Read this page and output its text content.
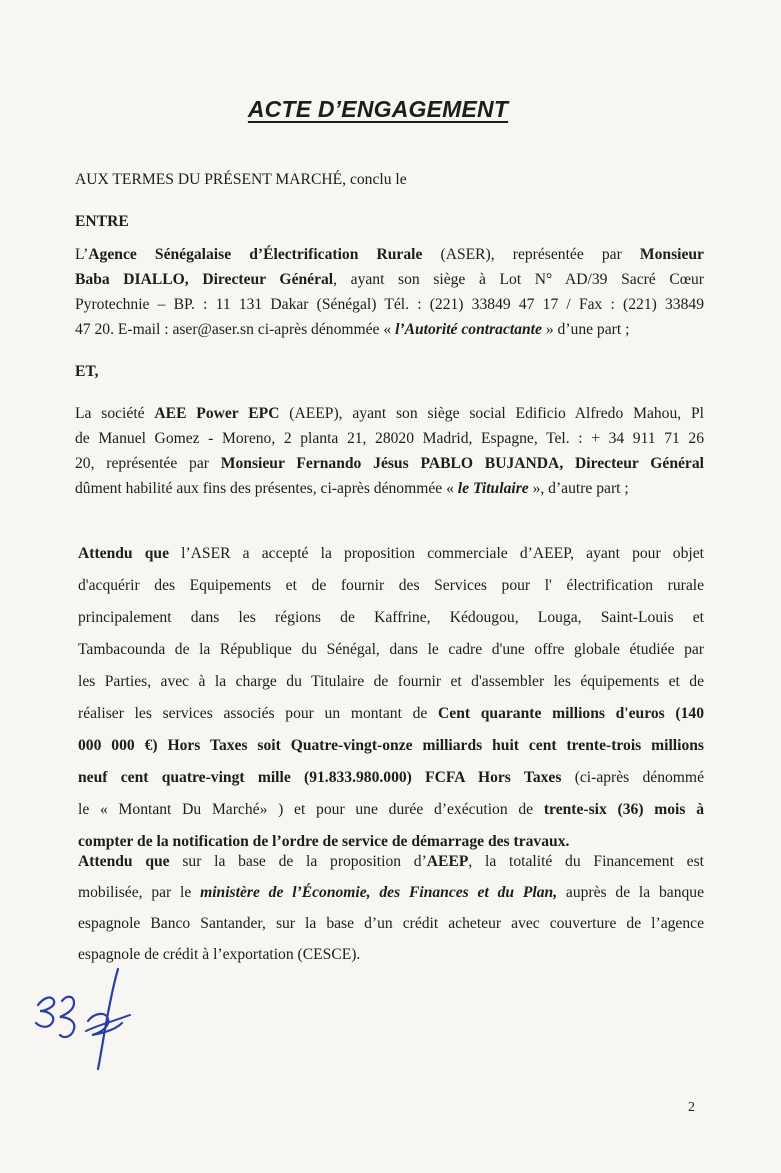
ACTE D’ENGAGEMENT
AUX TERMES DU PRÉSENT MARCHÉ, conclu le
ENTRE
L’Agence Sénégalaise d’Électrification Rurale (ASER), représentée par Monsieur
Baba DIALLO, Directeur Général, ayant son siège à Lot N° AD/39 Sacré Cœur
Pyrotechnie – BP. : 11 131 Dakar (Sénégal) Tél. : (221) 33849 47 17 / Fax : (221) 33849
47 20. E-mail : aser@aser.sn ci-après dénommée « l’Autorité contractante » d’une part ;
ET,
La société AEE Power EPC (AEEP), ayant son siège social Edificio Alfredo Mahou, Pl
de Manuel Gomez - Moreno, 2 planta 21, 28020 Madrid, Espagne, Tel. : + 34 911 71 26
20, représentée par Monsieur Fernando Jésus PABLO BUJANDA, Directeur Général
dûment habilité aux fins des présentes, ci-après dénommée « le Titulaire », d’autre part ;
Attendu que l’ASER a accepté la proposition commerciale d’AEEP, ayant pour objet
d'acquérir des Equipements et de fournir des Services pour l' électrification rurale
principalement dans les régions de Kaffrine, Kédougou, Louga, Saint-Louis et
Tambacounda de la République du Sénégal, dans le cadre d'une offre globale étudiée par
les Parties, avec à la charge du Titulaire de fournir et d'assembler les équipements et de
réaliser les services associés pour un montant de Cent quarante millions d'euros (140
000 000 €) Hors Taxes soit Quatre-vingt-onze milliards huit cent trente-trois millions
neuf cent quatre-vingt mille (91.833.980.000) FCFA Hors Taxes (ci-après dénommé
le « Montant Du Marché» ) et pour une durée d’exécution de trente-six (36) mois à
compter de la notification de l’ordre de service de démarrage des travaux.
Attendu que sur la base de la proposition d’AEEP, la totalité du Financement est
mobilisée, par le ministère de l’Économie, des Finances et du Plan, auprès de la banque
espagnole Banco Santander, sur la base d’un crédit acheteur avec couverture de l’agence
espagnole de crédit à l’exportation (CESCE).
2
